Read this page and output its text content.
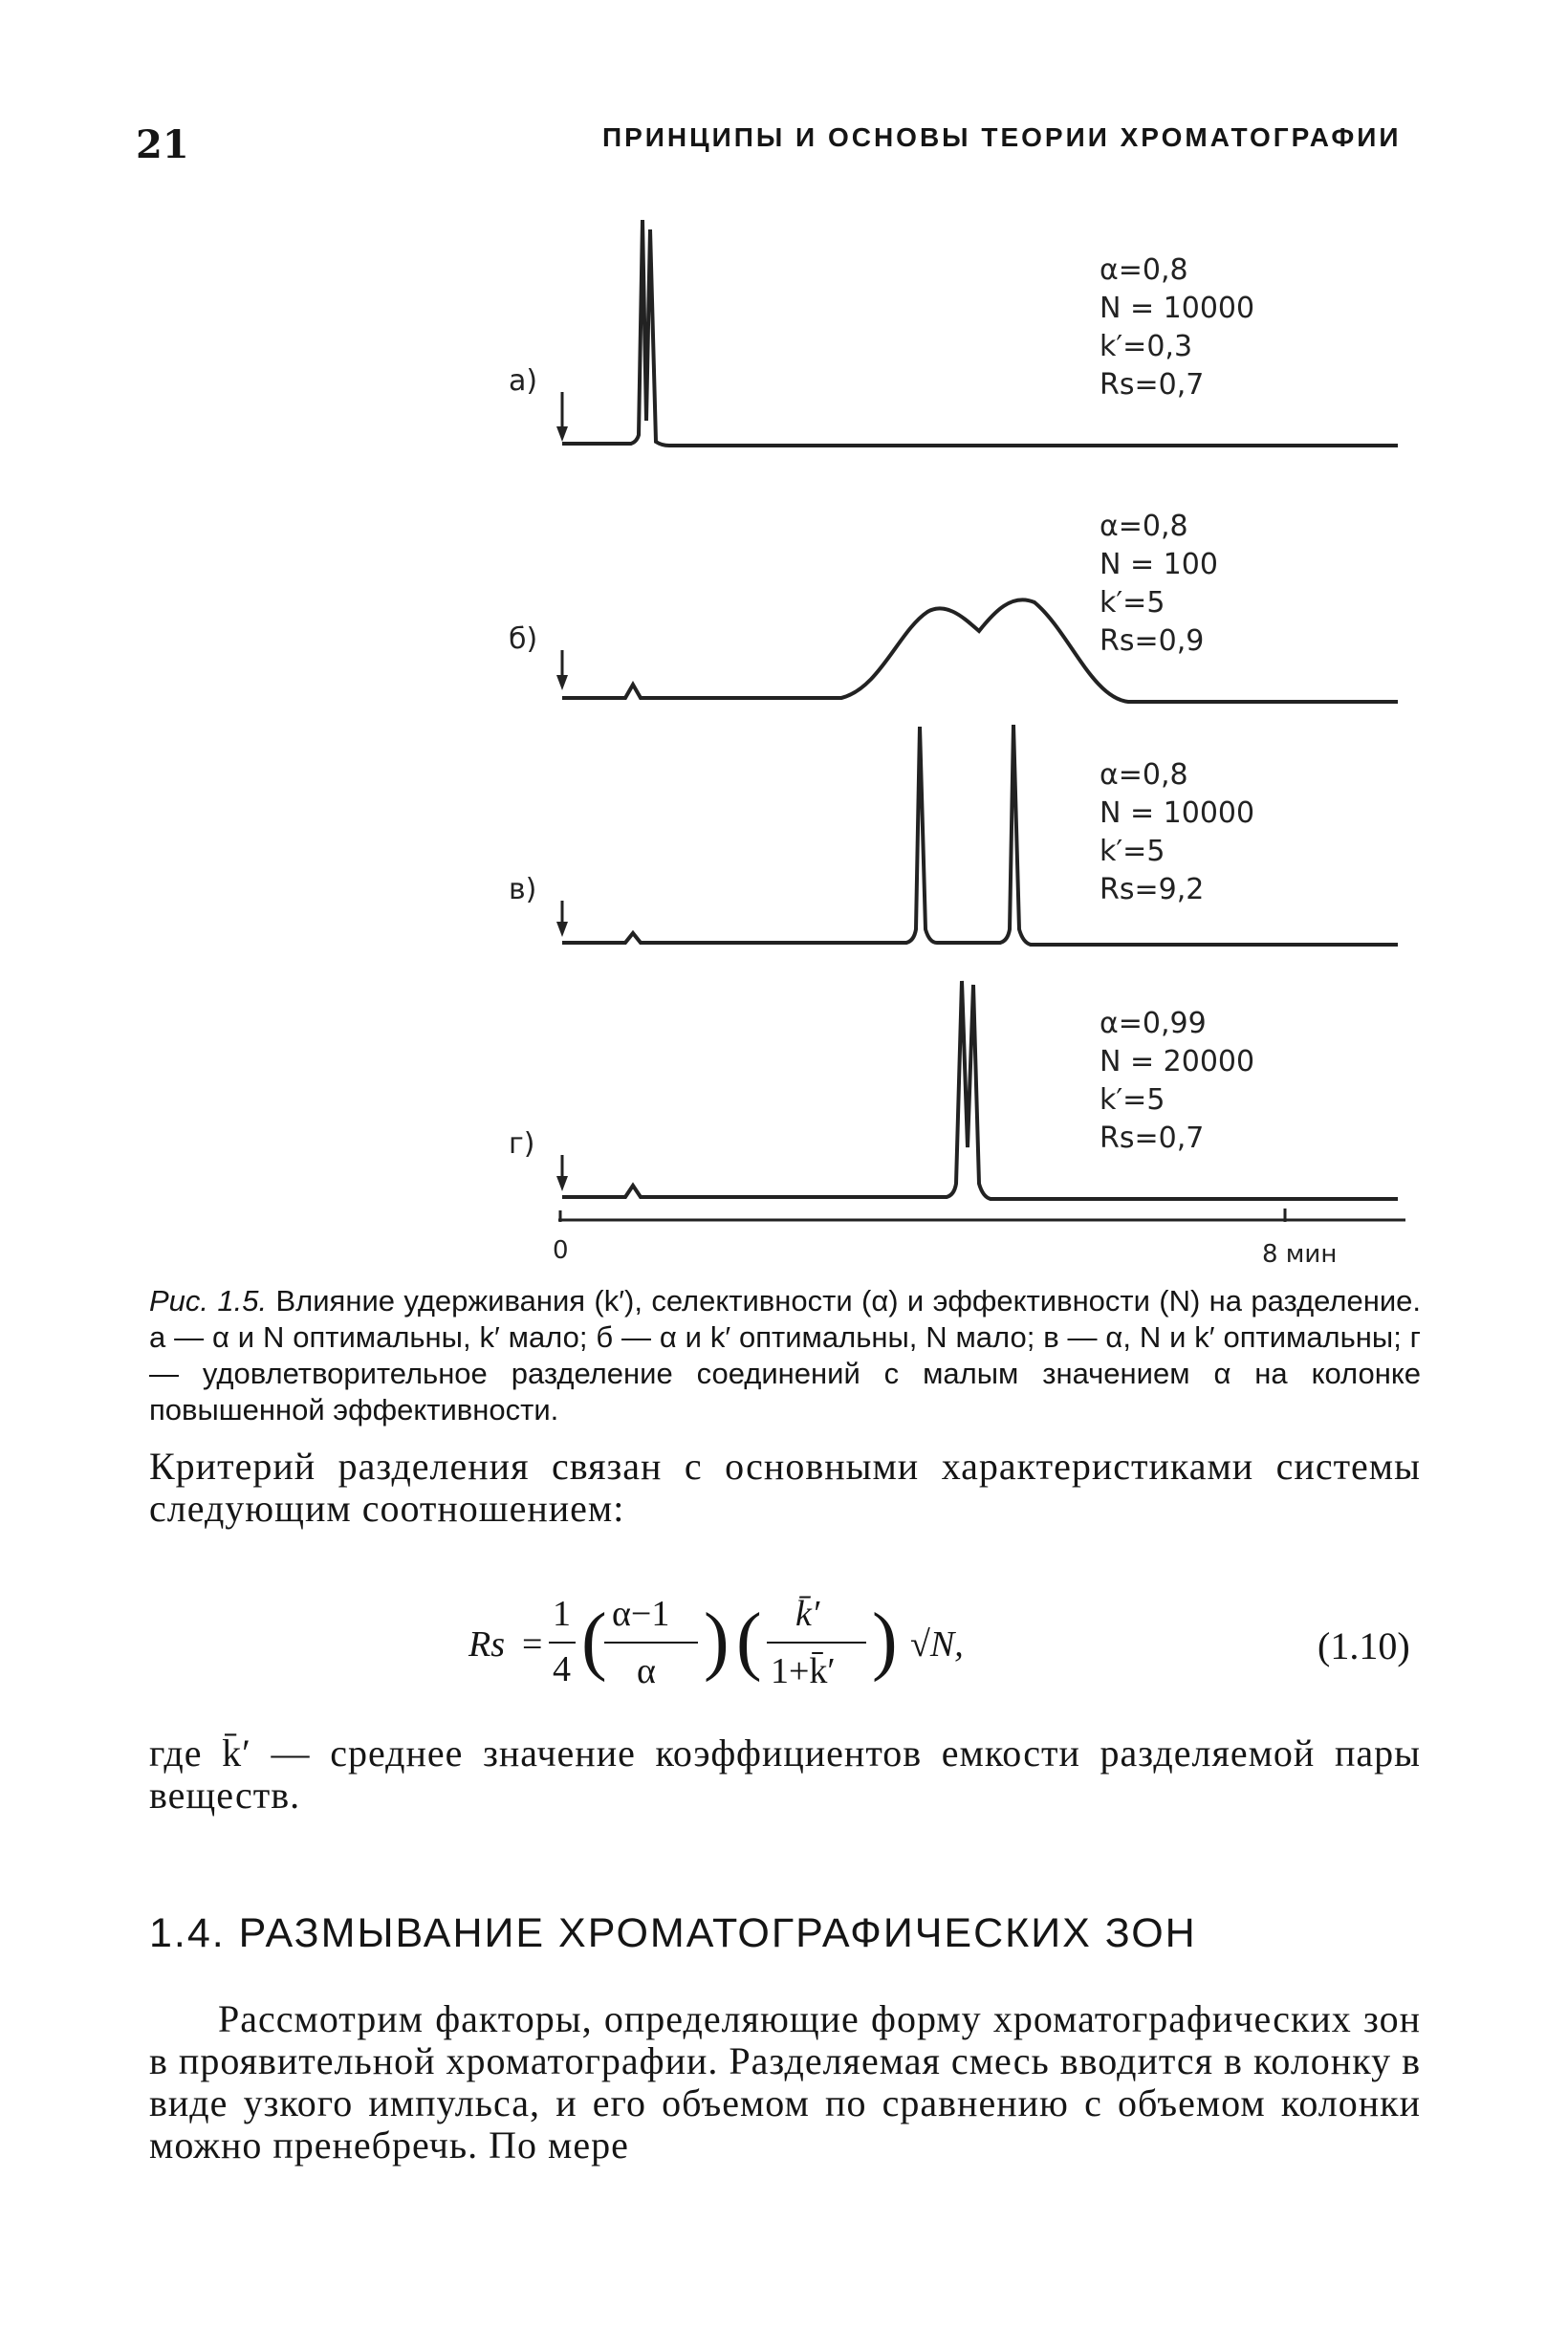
21	ПРИНЦИПЫ И ОСНОВЫ ТЕОРИИ ХРОМАТОГРАФИИ
а)
α=0,8
N = 10000
k′=0,3
Rs=0,7
б)
α=0,8
N = 100
k′=5
Rs=0,9
в)
α=0,8
N = 10000
k′=5
Rs=9,2
г)
α=0,99
N = 20000
k′=5
Rs=0,7
0	8 мин
Рис. 1.5. Влияние удерживания (k′), селективности (α) и эффективности (N) на разделение. а — α и N оптимальны, k′ мало; б — α и k′ оптимальны, N мало; в — α, N и k′ оптимальны; г — удовлетворительное разделение соединений с малым значением α на колонке повышенной эффективности.
Критерий разделения связан с основными характеристиками системы следующим соотношением:
Rs =
1
4 ( α−1
α ) ( k̄′
1+k̄′ ) √N,	(1.10)
где k̄′ — среднее значение коэффициентов емкости разделяемой пары веществ.
1.4. РАЗМЫВАНИЕ ХРОМАТОГРАФИЧЕСКИХ ЗОН
Рассмотрим факторы, определяющие форму хроматографических зон в проявительной хроматографии. Разделяемая смесь вводится в колонку в виде узкого импульса, и его объемом по сравнению с объемом колонки можно пренебречь. По мере
